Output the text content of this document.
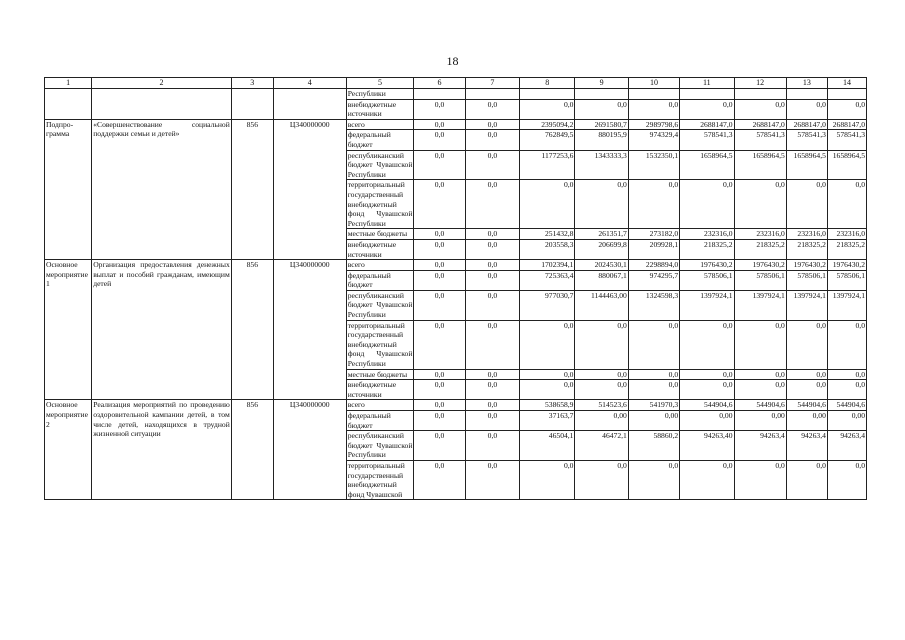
18
1	2	3	4	5	6	7	8	9	10	11	12	13	14
				Республики									
				внебюджетные источники	0,0	0,0	0,0	0,0	0,0	0,0	0,0	0,0	0,0
Подпро-грамма	«Совершенствование социальной поддержки семьи и детей»	856	Ц340000000	всего	0,0	0,0	2395094,2	2691580,7	2989798,6	2688147,0	2688147,0	2688147,0	2688147,0
				федеральный бюджет	0,0	0,0	762849,5	880195,9	974329,4	578541,3	578541,3	578541,3	578541,3
				республиканский бюджет Чувашской Республики	0,0	0,0	1177253,6	1343333,3	1532350,1	1658964,5	1658964,5	1658964,5	1658964,5
				территориальный государственный внебюджетный фонд Чувашской Республики	0,0	0,0	0,0	0,0	0,0	0,0	0,0	0,0	0,0
				местные бюджеты	0,0	0,0	251432,8	261351,7	273182,0	232316,0	232316,0	232316,0	232316,0
				внебюджетные источники	0,0	0,0	203558,3	206699,8	209928,1	218325,2	218325,2	218325,2	218325,2
Основное мероприятие 1	Организация предоставления денежных выплат и пособий гражданам, имеющим детей	856	Ц340000000	всего	0,0	0,0	1702394,1	2024530,1	2298894,0	1976430,2	1976430,2	1976430,2	1976430,2
				федеральный бюджет	0,0	0,0	725363,4	880067,1	974295,7	578506,1	578506,1	578506,1	578506,1
				республиканский бюджет Чувашской Республики	0,0	0,0	977030,7	1144463,00	1324598,3	1397924,1	1397924,1	1397924,1	1397924,1
				территориальный государственный внебюджетный фонд Чувашской Республики	0,0	0,0	0,0	0,0	0,0	0,0	0,0	0,0	0,0
				местные бюджеты	0,0	0,0	0,0	0,0	0,0	0,0	0,0	0,0	0,0
				внебюджетные источники	0,0	0,0	0,0	0,0	0,0	0,0	0,0	0,0	0,0
Основное мероприятие 2	Реализация мероприятий по проведению оздоровительной кампании детей, в том числе детей, находящихся в трудной жизненной ситуации	856	Ц340000000	всего	0,0	0,0	538658,9	514523,6	541970,3	544904,6	544904,6	544904,6	544904,6
				федеральный бюджет	0,0	0,0	37163,7	0,00	0,00	0,00	0,00	0,00	0,00
				республиканский бюджет Чувашской Республики	0,0	0,0	46504,1	46472,1	58860,2	94263,40	94263,4	94263,4	94263,4
				территориальный государственный внебюджетный фонд Чувашской	0,0	0,0	0,0	0,0	0,0	0,0	0,0	0,0	0,0
